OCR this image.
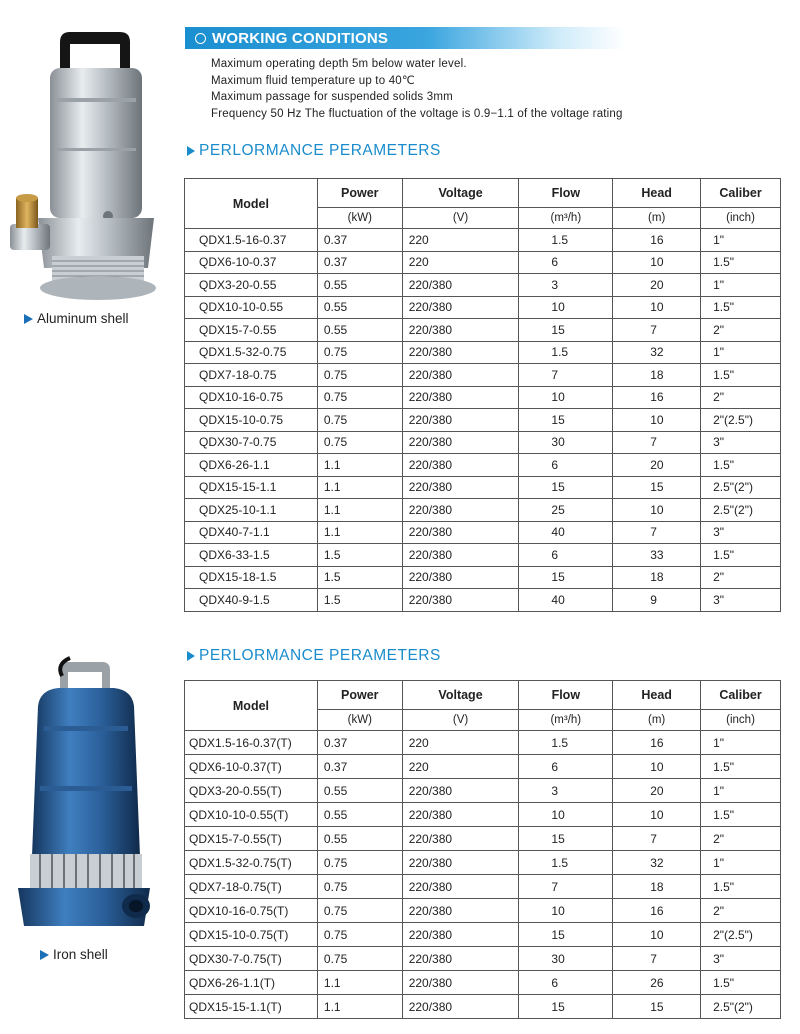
Aluminum shell
Iron shell
WORKING CONDITIONS
Maximum operating depth 5m below water level.
Maximum fluid temperature up to 40℃
Maximum passage for suspended solids 3mm
Frequency 50 Hz The fluctuation of the voltage is 0.9−1.1 of the voltage rating
PERLORMANCE PERAMETERS
Model	Power	Voltage	Flow	Head	Caliber
	(kW)	(V)	(m³/h)	(m)	(inch)
QDX1.5-16-0.37	0.37	220	1.5	16	1"
QDX6-10-0.37	0.37	220	6	10	1.5"
QDX3-20-0.55	0.55	220/380	3	20	1"
QDX10-10-0.55	0.55	220/380	10	10	1.5"
QDX15-7-0.55	0.55	220/380	15	7	2"
QDX1.5-32-0.75	0.75	220/380	1.5	32	1"
QDX7-18-0.75	0.75	220/380	7	18	1.5"
QDX10-16-0.75	0.75	220/380	10	16	2"
QDX15-10-0.75	0.75	220/380	15	10	2"(2.5")
QDX30-7-0.75	0.75	220/380	30	7	3"
QDX6-26-1.1	1.1	220/380	6	20	1.5"
QDX15-15-1.1	1.1	220/380	15	15	2.5"(2")
QDX25-10-1.1	1.1	220/380	25	10	2.5"(2")
QDX40-7-1.1	1.1	220/380	40	7	3"
QDX6-33-1.5	1.5	220/380	6	33	1.5"
QDX15-18-1.5	1.5	220/380	15	18	2"
QDX40-9-1.5	1.5	220/380	40	9	3"
PERLORMANCE PERAMETERS
Model	Power	Voltage	Flow	Head	Caliber
	(kW)	(V)	(m³/h)	(m)	(inch)
QDX1.5-16-0.37(T)	0.37	220	1.5	16	1"
QDX6-10-0.37(T)	0.37	220	6	10	1.5"
QDX3-20-0.55(T)	0.55	220/380	3	20	1"
QDX10-10-0.55(T)	0.55	220/380	10	10	1.5"
QDX15-7-0.55(T)	0.55	220/380	15	7	2"
QDX1.5-32-0.75(T)	0.75	220/380	1.5	32	1"
QDX7-18-0.75(T)	0.75	220/380	7	18	1.5"
QDX10-16-0.75(T)	0.75	220/380	10	16	2"
QDX15-10-0.75(T)	0.75	220/380	15	10	2"(2.5")
QDX30-7-0.75(T)	0.75	220/380	30	7	3"
QDX6-26-1.1(T)	1.1	220/380	6	26	1.5"
QDX15-15-1.1(T)	1.1	220/380	15	15	2.5"(2")
